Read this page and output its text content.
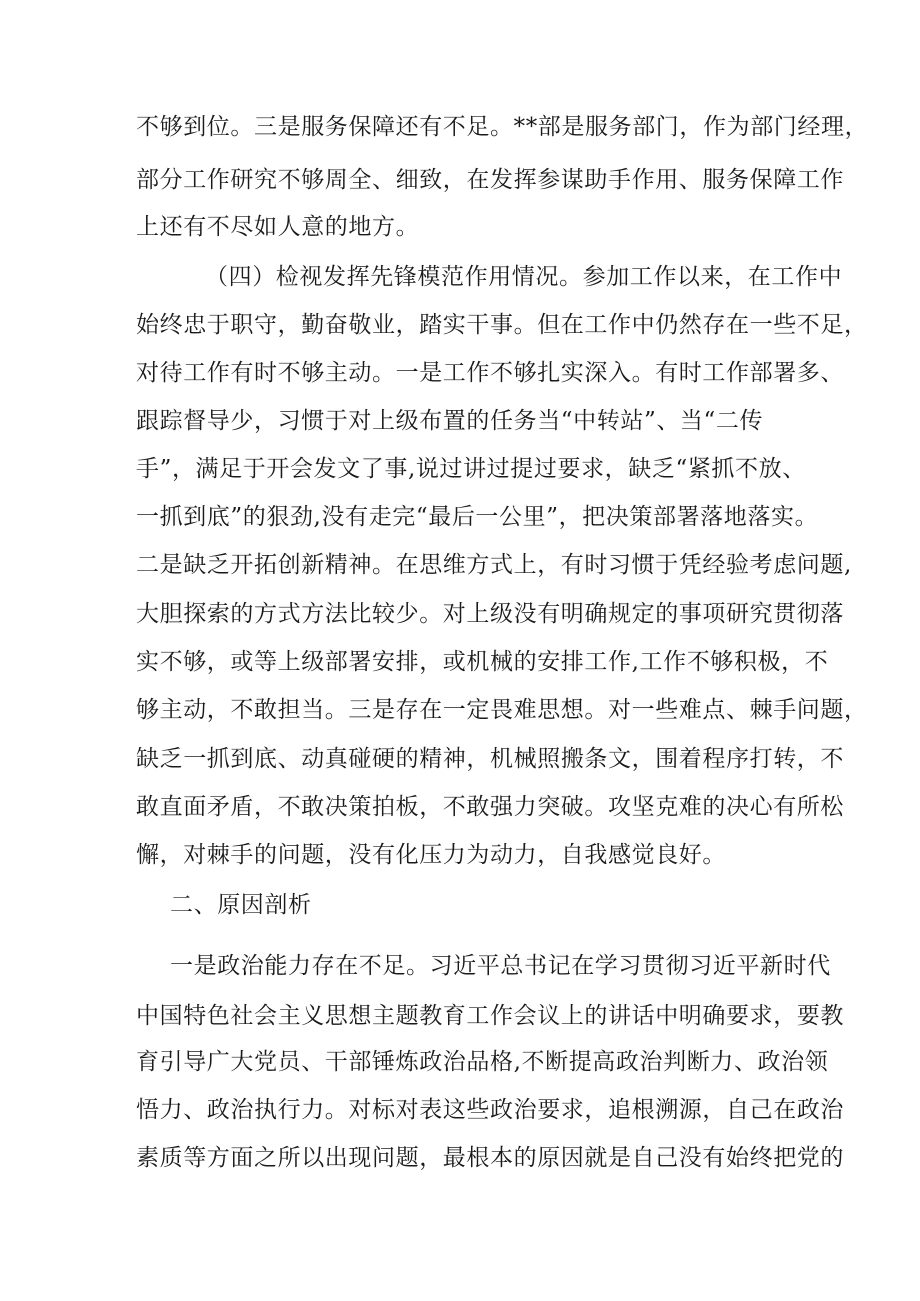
不够到位。三是服务保障还有不足。**部是服务部门，作为部门经理，
部分工作研究不够周全、细致，在发挥参谋助手作用、服务保障工作
上还有不尽如人意的地方。
（四）检视发挥先锋模范作用情况。参加工作以来，在工作中
始终忠于职守，勤奋敬业，踏实干事。但在工作中仍然存在一些不足，
对待工作有时不够主动。一是工作不够扎实深入。有时工作部署多、
跟踪督导少，习惯于对上级布置的任务当“中转站”、当“二传
手”，满足于开会发文了事,说过讲过提过要求，缺乏“紧抓不放、
一抓到底”的狠劲,没有走完“最后一公里”，把决策部署落地落实。
二是缺乏开拓创新精神。在思维方式上，有时习惯于凭经验考虑问题,
大胆探索的方式方法比较少。对上级没有明确规定的事项研究贯彻落
实不够，或等上级部署安排，或机械的安排工作,工作不够积极，不
够主动，不敢担当。三是存在一定畏难思想。对一些难点、棘手问题，
缺乏一抓到底、动真碰硬的精神，机械照搬条文，围着程序打转，不
敢直面矛盾，不敢决策拍板，不敢强力突破。攻坚克难的决心有所松
懈，对棘手的问题，没有化压力为动力，自我感觉良好。
二、原因剖析
一是政治能力存在不足。习近平总书记在学习贯彻习近平新时代
中国特色社会主义思想主题教育工作会议上的讲话中明确要求，要教
育引导广大党员、干部锤炼政治品格,不断提高政治判断力、政治领
悟力、政治执行力。对标对表这些政治要求，追根溯源，自己在政治
素质等方面之所以出现问题，最根本的原因就是自己没有始终把党的
